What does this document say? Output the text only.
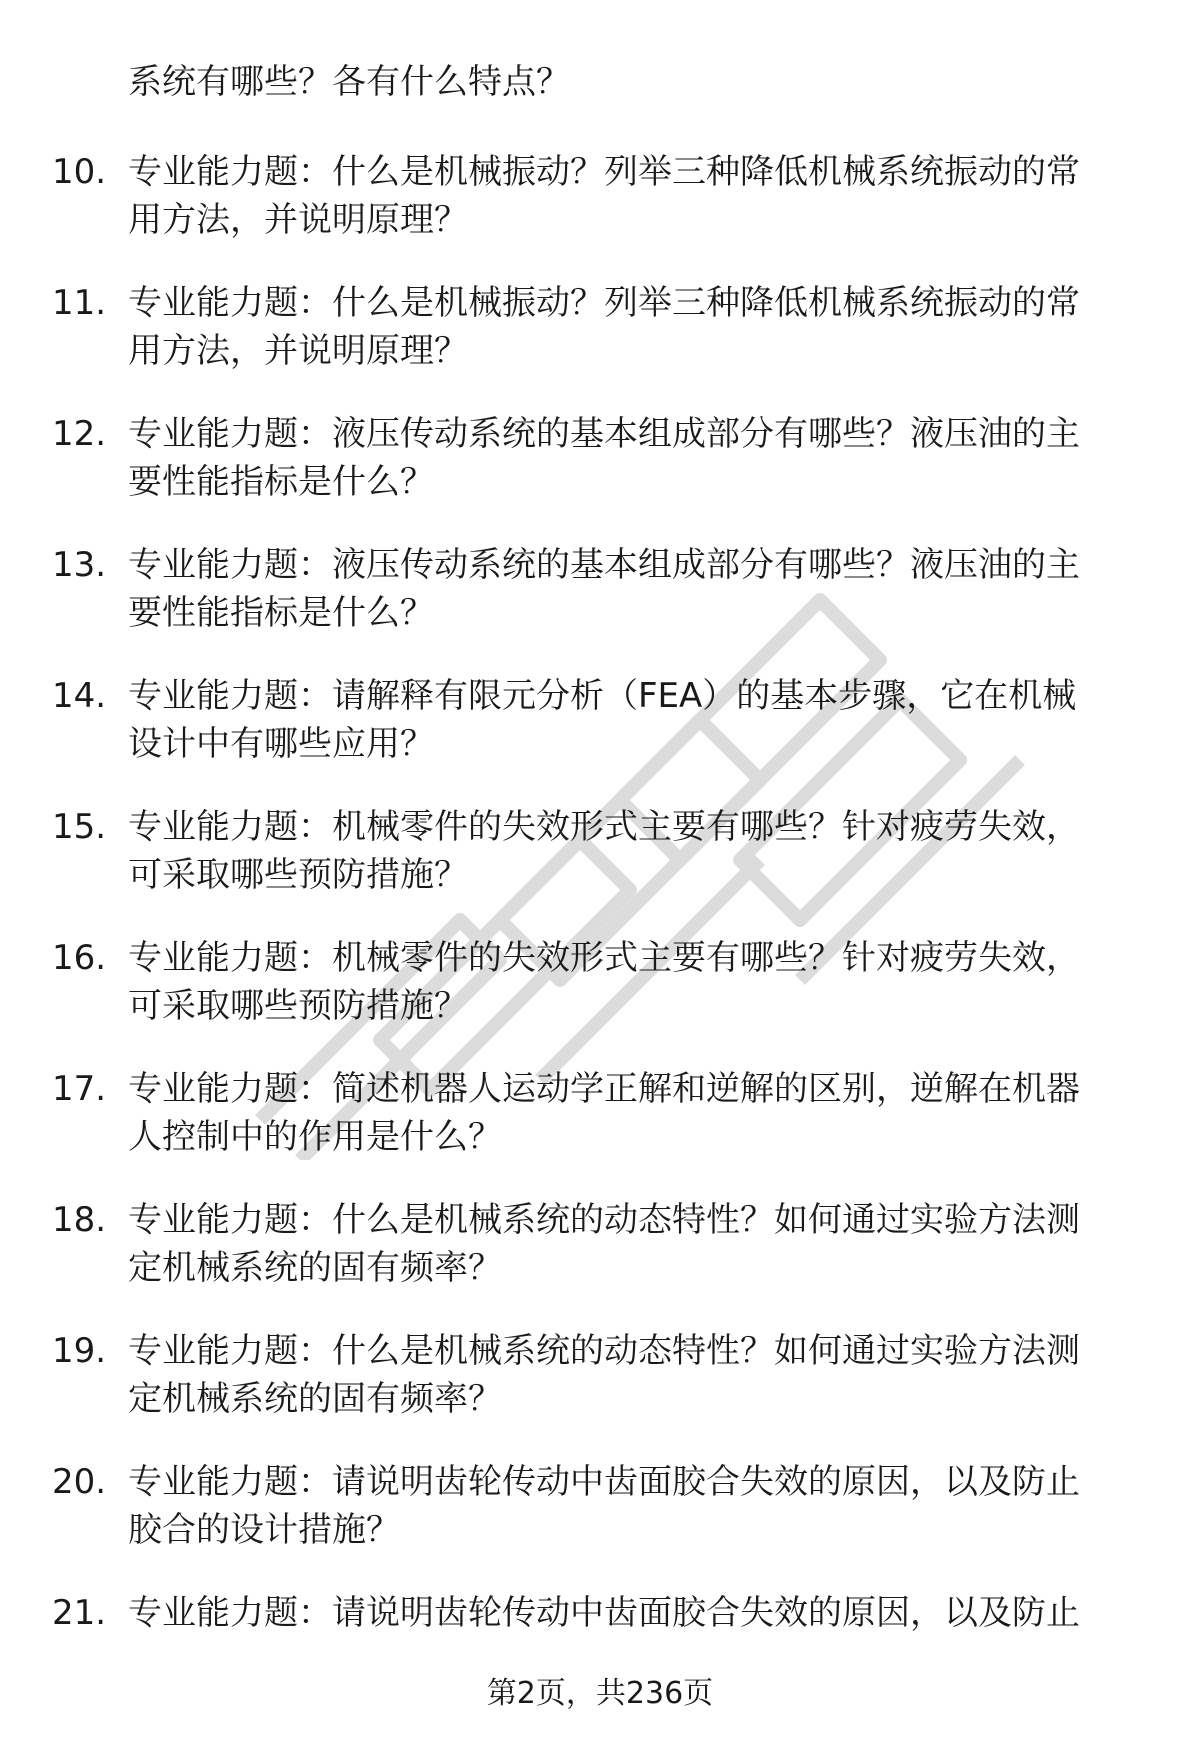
系统有哪些？各有什么特点？
10. 专业能力题：什么是机械振动？列举三种降低机械系统振动的常
用方法，并说明原理？
11. 专业能力题：什么是机械振动？列举三种降低机械系统振动的常
用方法，并说明原理？
12. 专业能力题：液压传动系统的基本组成部分有哪些？液压油的主
要性能指标是什么？
13. 专业能力题：液压传动系统的基本组成部分有哪些？液压油的主
要性能指标是什么？
14. 专业能力题：请解释有限元分析（FEA）的基本步骤，它在机械
设计中有哪些应用？
15. 专业能力题：机械零件的失效形式主要有哪些？针对疲劳失效，
可采取哪些预防措施？
16. 专业能力题：机械零件的失效形式主要有哪些？针对疲劳失效，
可采取哪些预防措施？
17. 专业能力题：简述机器人运动学正解和逆解的区别，逆解在机器
人控制中的作用是什么？
18. 专业能力题：什么是机械系统的动态特性？如何通过实验方法测
定机械系统的固有频率？
19. 专业能力题：什么是机械系统的动态特性？如何通过实验方法测
定机械系统的固有频率？
20. 专业能力题：请说明齿轮传动中齿面胶合失效的原因，以及防止
胶合的设计措施？
21. 专业能力题：请说明齿轮传动中齿面胶合失效的原因，以及防止
第2页，共236页
